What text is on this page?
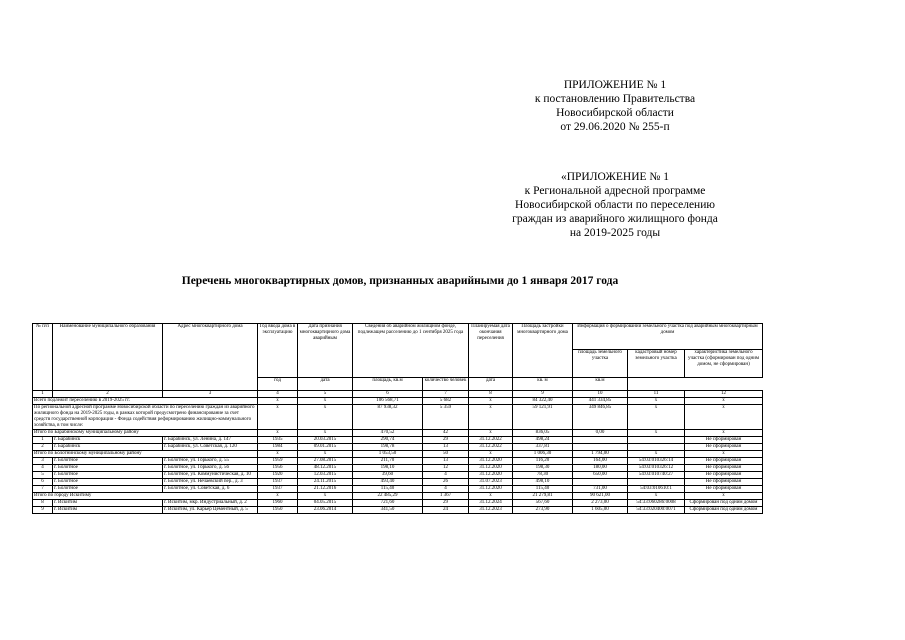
ПРИЛОЖЕНИЕ № 1
к постановлению Правительства
Новосибирской области
от 29.06.2020 № 255-п
«ПРИЛОЖЕНИЕ № 1
к Региональной адресной программе
Новосибирской области по переселению
граждан из аварийного жилищного фонда
на 2019-2025 годы
Перечень многоквартирных домов, признанных аварийными до 1 января 2017 года
№ п/п	Наименование муниципального образования	Адрес многоквартирного дома	Год ввода дома в эксплуатацию	Дата признания многоквартирного дома аварийным	Сведения об аварийном жилищном фонде, подлежащем расселению до 1 сентября 2025 года		Планируемая дата окончания переселения	Площадь застройки многоквартирного дома	Информация о формировании земельного участка под аварийным многоквартирным домом		
									площадь земельного участка	кадастровый номер земельного участка	характеристика земельного участка (сформирован под одним домом, не сформирован)
			год	дата	площадь, кв.м	количество человек	дата	кв. м	кв.м		
1	2	3	4	5	6	7	8	9	10	11	12
Всего подлежит переселению в 2019-2025 гг.			х	х	106 568,71	5 682	х	84 322,40	441 334,85	х	х
По региональной адресной программе Новосибирской области по переселению граждан из аварийного жилищного фонда на 2019-2025 годы, в рамках которой предусмотрено финансирование за счет средств государственной корпорации - Фонда содействия реформированию жилищно-коммунального хозяйства, в том числе:			х	х	87 938,32	5 359	х	59 121,91	349 846,85	х	х
Итого по Барабинскому муниципальному району			х	х	470,52	42	х	836,05	0,00	х	х
1	г. Барабинск	г. Барабинск, ул. Ленина, д. 147	1935	20.03.2015	290,74	29	31.12.2022	498,24			Не сформирован
2	г. Барабинск	г. Барабинск, ул. Советская, д. 120	1984	09.01.2015	198,78	13	31.12.2022	337,81			Не сформирован
Итого по Болотнинскому муниципальному району			х	х	1 053,50	50	х	1 006,30	1 794,00	х	х
3	г. Болотное	г. Болотное, ул. Горького, д. 55	1959	27.08.2015	211,70	13	31.12.2020	116,20	164,00	54:03:010326:14	Не сформирован
4	г. Болотное	г. Болотное, ул. Горького, д. 56	1956	48.12.2015	198,10	12	31.12.2020	198,30	180,00	54:03:010326:12	Не сформирован
5	г. Болотное	г. Болотное, ул. Коммунистическая, д. 10	1920	12.03.2015	39,60	4	31.12.2020	78,30	650,00	54:03:010740:27	Не сформирован
6	г. Болотное	г. Болотное, ул. Нечаевский пер., д. 3	1937	24.11.2015	493,40	26	31.07.2023	498,10			Не сформирован
7	г. Болотное	г. Болотное, ул. Советская, д. 6	1937	21.12.2016	115,40	4	31.12.2020	115,40	731,00	54:03:010610:1	Не сформирован
Итого по городу Искитиму			х	х	22 485,29	1 367	х	21 279,81	90 621,00	х	х
8	г. Искитим	г. Искитим, мкр. Индустриальный, д. 2	1960	04.05.2015	721,60	29	31.12.2024	567,60	2 273,00	54:33:060286:0008	Сформирован под одним домом
9	г. Искитим	г. Искитим, ул. Карьер Цементный, д. 5	1950	23.06.2014	341,50	24	31.12.2023	273,90	1 605,00	54:33:020400:0071	Сформирован под одним домом
